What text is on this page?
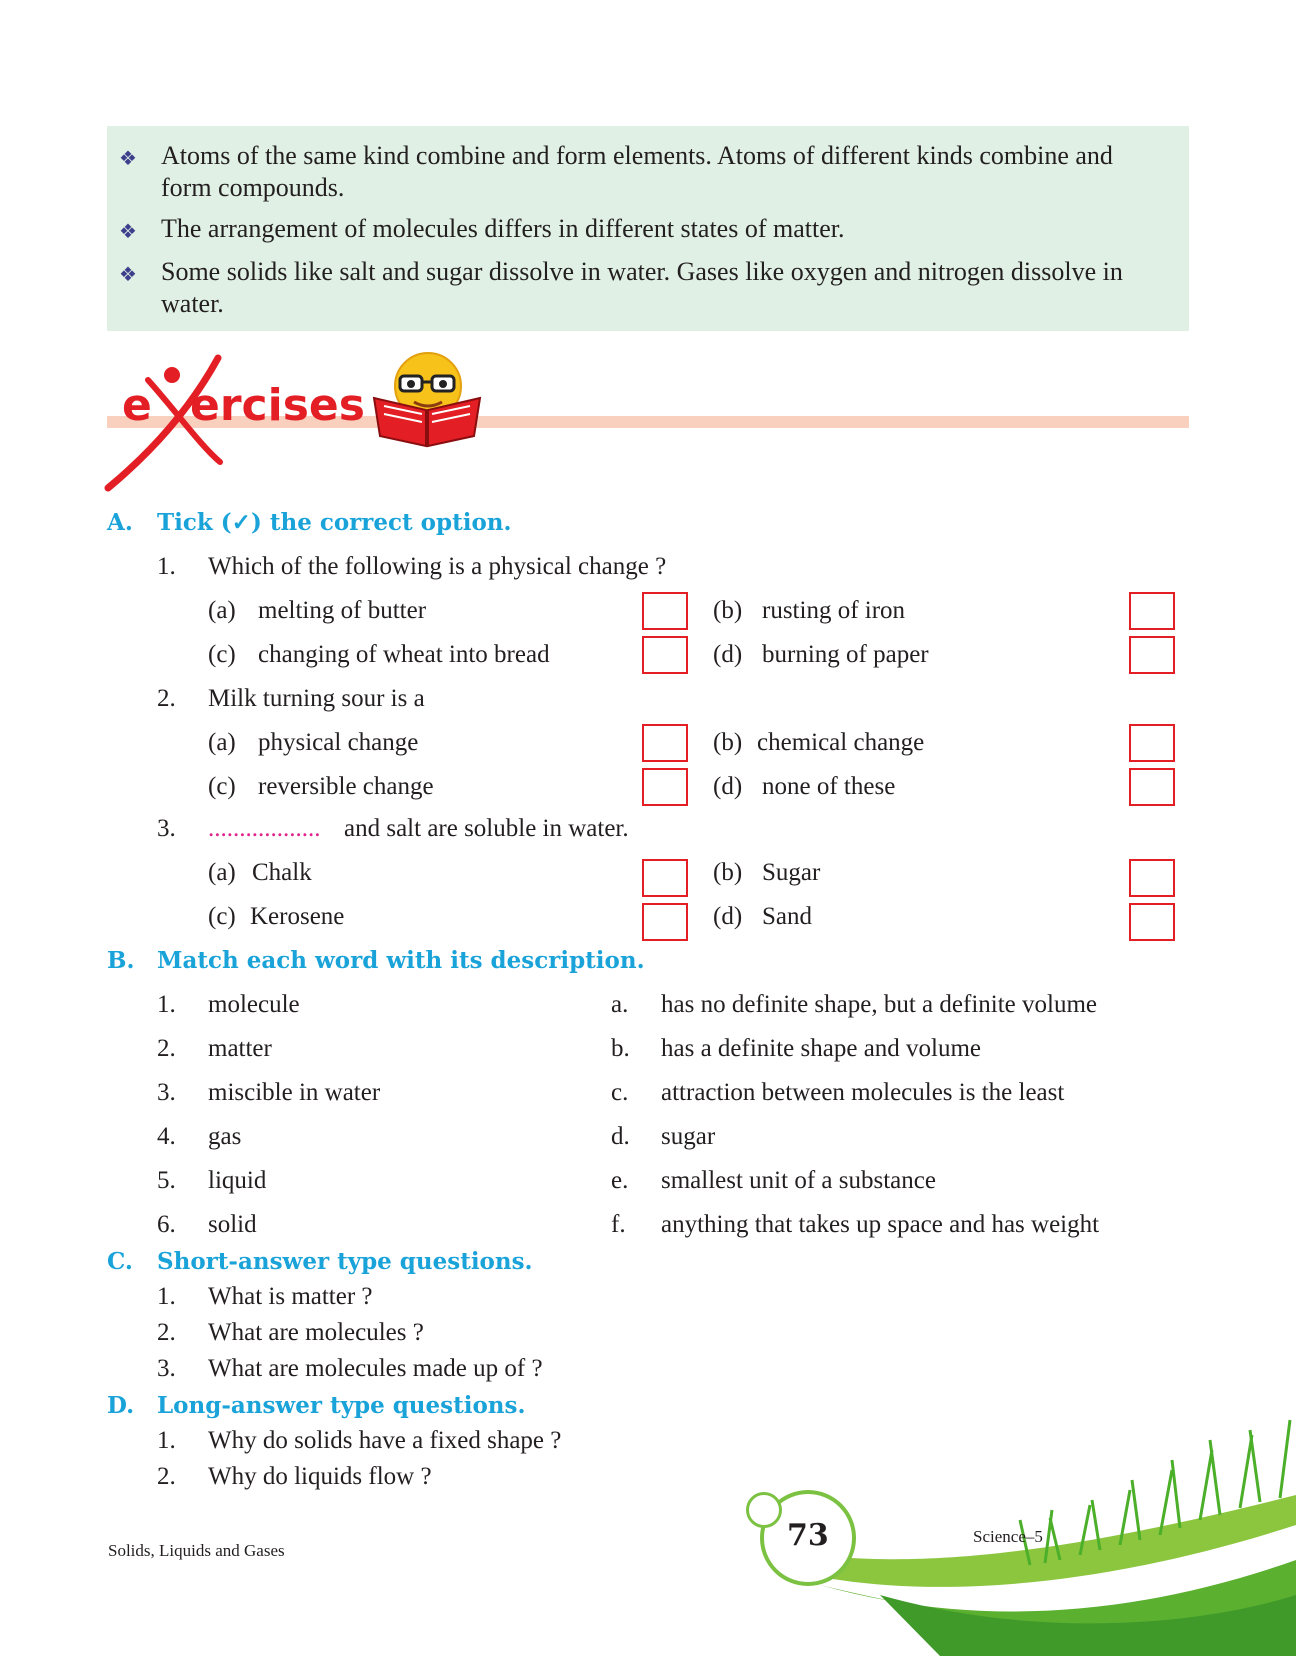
❖ Atoms of the same kind combine and form elements. Atoms of different kinds combine and
form compounds.
❖ The arrangement of molecules differs in different states of matter.
❖ Some solids like salt and sugar dissolve in water. Gases like oxygen and nitrogen dissolve in
water.
e ercises
A. Tick (✓) the correct option.
1. Which of the following is a physical change ?
(a) melting of butter	(b) rusting of iron
(c) changing of wheat into bread	(d) burning of paper
2. Milk turning sour is a
(a) physical change	(b) chemical change
(c) reversible change	(d) none of these
3. .................. and salt are soluble in water.
(a) Chalk	(b) Sugar
(c) Kerosene	(d) Sand
B. Match each word with its description.
1. molecule	a. has no definite shape, but a definite volume
2. matter	b. has a definite shape and volume
3. miscible in water	c. attraction between molecules is the least
4. gas	d. sugar
5. liquid	e. smallest unit of a substance
6. solid	f. anything that takes up space and has weight
C. Short-answer type questions.
1. What is matter ?
2. What are molecules ?
3. What are molecules made up of ?
D. Long-answer type questions.
1. Why do solids have a fixed shape ?
2. Why do liquids flow ?
73	Science–5
Solids, Liquids and Gases
